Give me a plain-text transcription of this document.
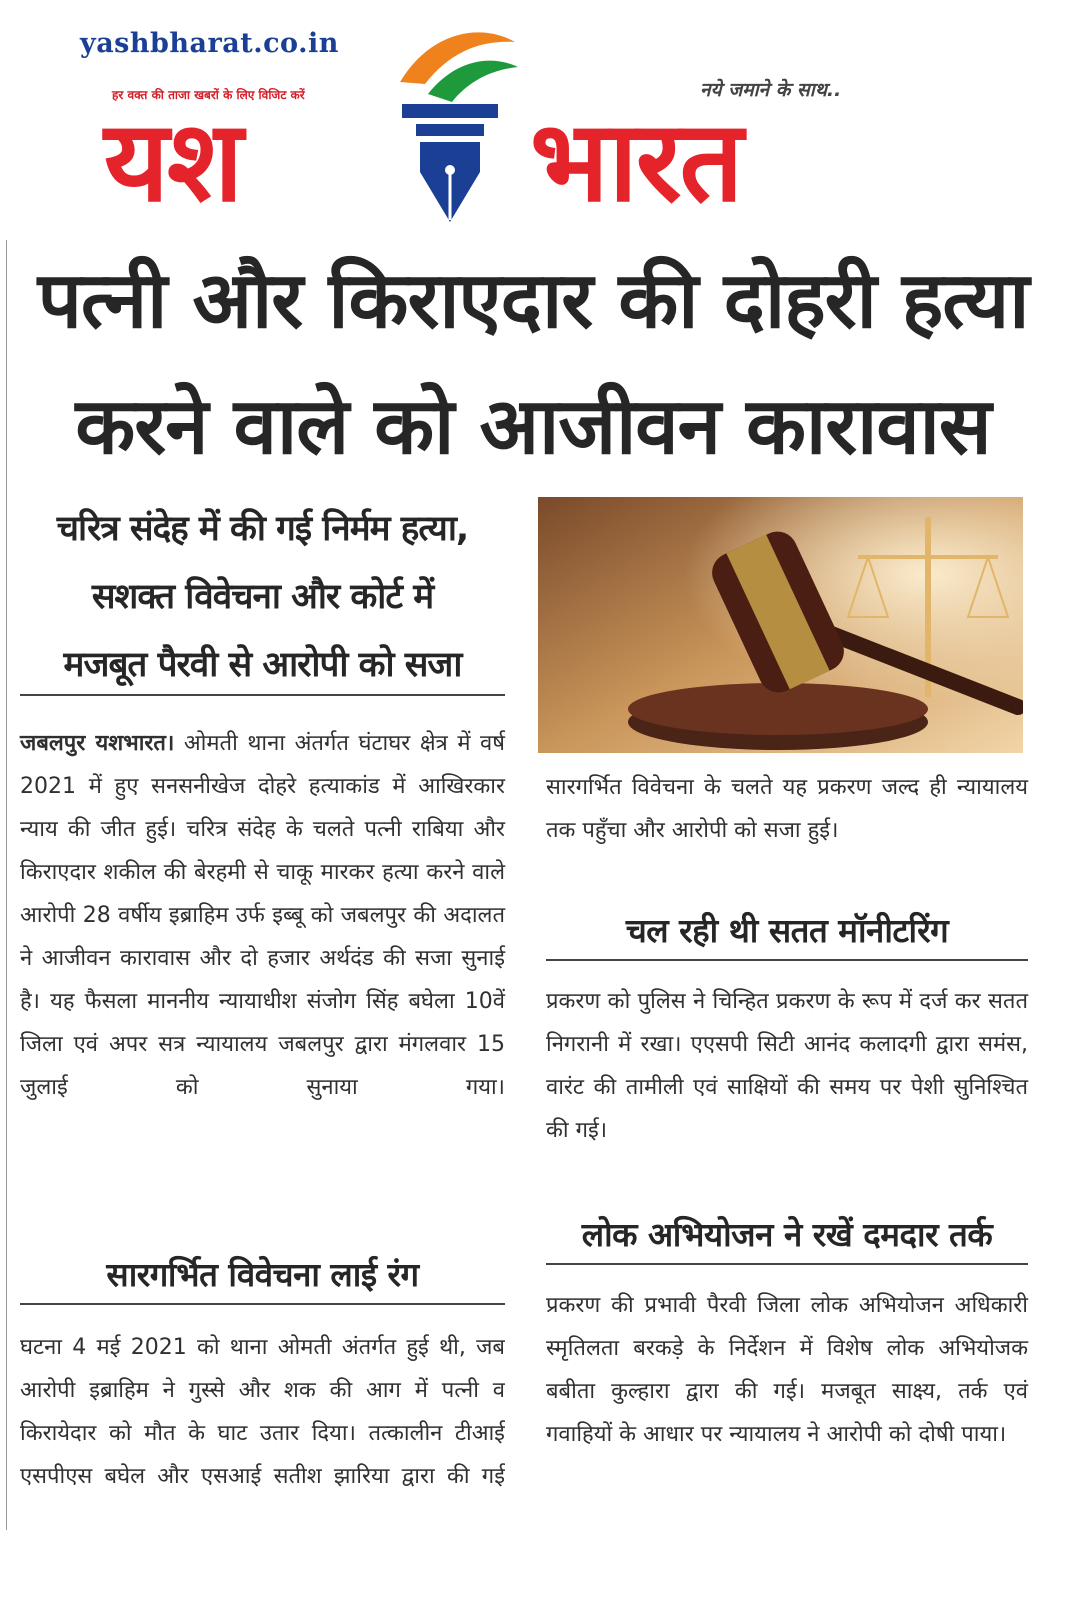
yashbharat.co.in
हर वक्त की ताजा खबरों के लिए विजिट करें	नये जमाने के साथ..
यश	भारत
पत्नी और किराएदार की दोहरी हत्या
करने वाले को आजीवन कारावास
चरित्र संदेह में की गई निर्मम हत्या,
सशक्त विवेचना और कोर्ट में
मजबूत पैरवी से आरोपी को सजा
जबलपुर यशभारत। ओमती थाना अंतर्गत घंटाघर क्षेत्र में वर्ष 2021 में हुए सनसनीखेज दोहरे हत्याकांड में आखिरकार न्याय की जीत हुई। चरित्र संदेह के चलते पत्नी राबिया और किराएदार शकील की बेरहमी से चाकू मारकर हत्या करने वाले आरोपी 28 वर्षीय इब्राहिम उर्फ इब्बू को जबलपुर की अदालत ने आजीवन कारावास और दो हजार अर्थदंड की सजा सुनाई है। यह फैसला माननीय न्यायाधीश संजोग सिंह बघेला 10वें जिला एवं अपर सत्र न्यायालय जबलपुर द्वारा मंगलवार 15 जुलाई को सुनाया गया।
सारगर्भित विवेचना लाई रंग
घटना 4 मई 2021 को थाना ओमती अंतर्गत हुई थी, जब आरोपी इब्राहिम ने गुस्से और शक की आग में पत्नी व किरायेदार को मौत के घाट उतार दिया। तत्कालीन टीआई एसपीएस बघेल और एसआई सतीश झारिया द्वारा की गई
सारगर्भित विवेचना के चलते यह प्रकरण जल्द ही न्यायालय तक पहुँचा और आरोपी को सजा हुई।
चल रही थी सतत मॉनीटरिंग
प्रकरण को पुलिस ने चिन्हित प्रकरण के रूप में दर्ज कर सतत निगरानी में रखा। एएसपी सिटी आनंद कलादगी द्वारा समंस, वारंट की तामीली एवं साक्षियों की समय पर पेशी सुनिश्चित की गई।
लोक अभियोजन ने रखें दमदार तर्क
प्रकरण की प्रभावी पैरवी जिला लोक अभियोजन अधिकारी स्मृतिलता बरकड़े के निर्देशन में विशेष लोक अभियोजक बबीता कुल्हारा द्वारा की गई। मजबूत साक्ष्य, तर्क एवं गवाहियों के आधार पर न्यायालय ने आरोपी को दोषी पाया।
